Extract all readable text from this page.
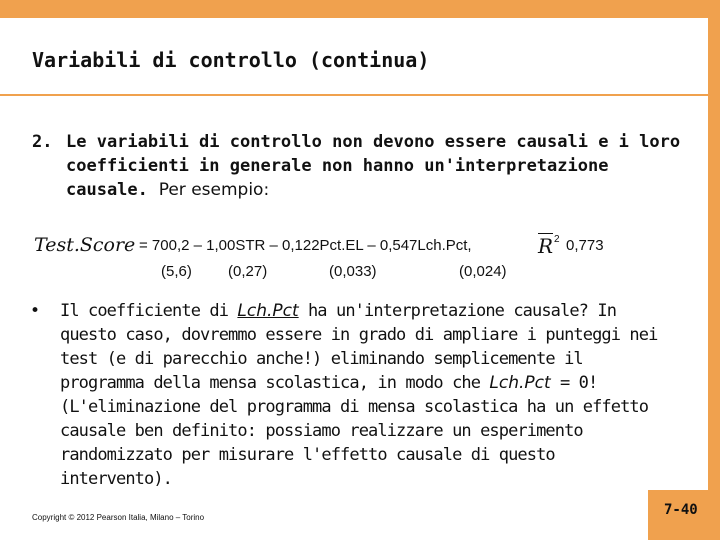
Variabili di controllo (continua)
2. Le variabili di controllo non devono essere causali e i loro coefficienti in generale non hanno un'interpretazione causale. Per esempio:
Test.Score = 700,2 – 1,00STR – 0,122Pct.EL – 0,547Lch.Pct,
(5,6) (0,27)	(0,033)	(0,024)
R 2 0,773
• Il coefficiente di Lch.Pct ha un'interpretazione causale? In questo caso, dovremmo essere in grado di ampliare i punteggi nei test (e di parecchio anche!) eliminando semplicemente il programma della mensa scolastica, in modo che Lch.Pct = 0! (L'eliminazione del programma di mensa scolastica ha un effetto causale ben definito: possiamo realizzare un esperimento randomizzato per misurare l'effetto causale di questo intervento).
Copyright © 2012 Pearson Italia, Milano – Torino	7-40
